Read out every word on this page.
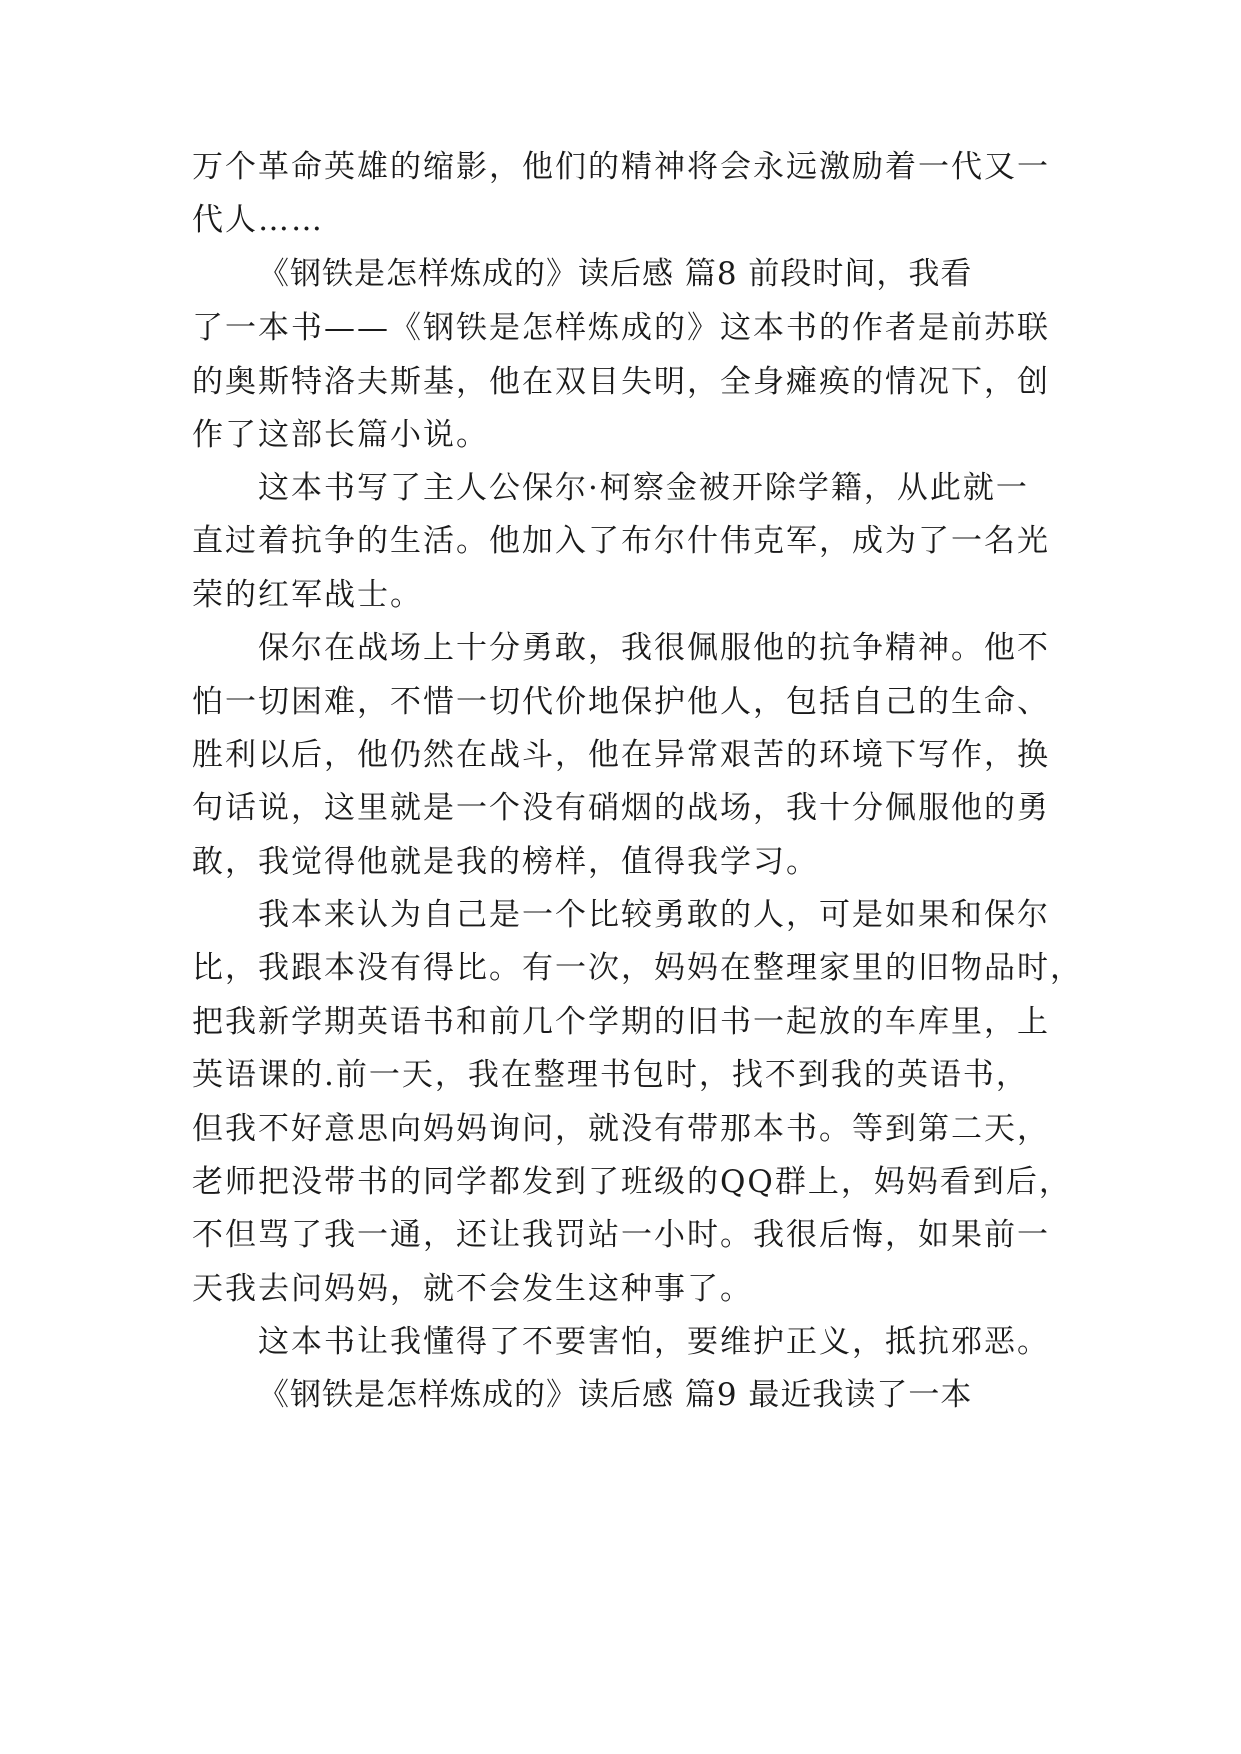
万个革命英雄的缩影，他们的精神将会永远激励着一代又一
代人……
《钢铁是怎样炼成的》读后感 篇8 前段时间，我看
了一本书——《钢铁是怎样炼成的》这本书的作者是前苏联
的奥斯特洛夫斯基，他在双目失明，全身瘫痪的情况下，创
作了这部长篇小说。
这本书写了主人公保尔·柯察金被开除学籍，从此就一
直过着抗争的生活。他加入了布尔什伟克军，成为了一名光
荣的红军战士。
保尔在战场上十分勇敢，我很佩服他的抗争精神。他不
怕一切困难，不惜一切代价地保护他人，包括自己的生命、
胜利以后，他仍然在战斗，他在异常艰苦的环境下写作，换
句话说，这里就是一个没有硝烟的战场，我十分佩服他的勇
敢，我觉得他就是我的榜样，值得我学习。
我本来认为自己是一个比较勇敢的人，可是如果和保尔
比，我跟本没有得比。有一次，妈妈在整理家里的旧物品时，
把我新学期英语书和前几个学期的旧书一起放的车库里，上
英语课的.前一天，我在整理书包时，找不到我的英语书，
但我不好意思向妈妈询问，就没有带那本书。等到第二天，
老师把没带书的同学都发到了班级的QQ群上，妈妈看到后，
不但骂了我一通，还让我罚站一小时。我很后悔，如果前一
天我去问妈妈，就不会发生这种事了。
这本书让我懂得了不要害怕，要维护正义，抵抗邪恶。
《钢铁是怎样炼成的》读后感 篇9 最近我读了一本
